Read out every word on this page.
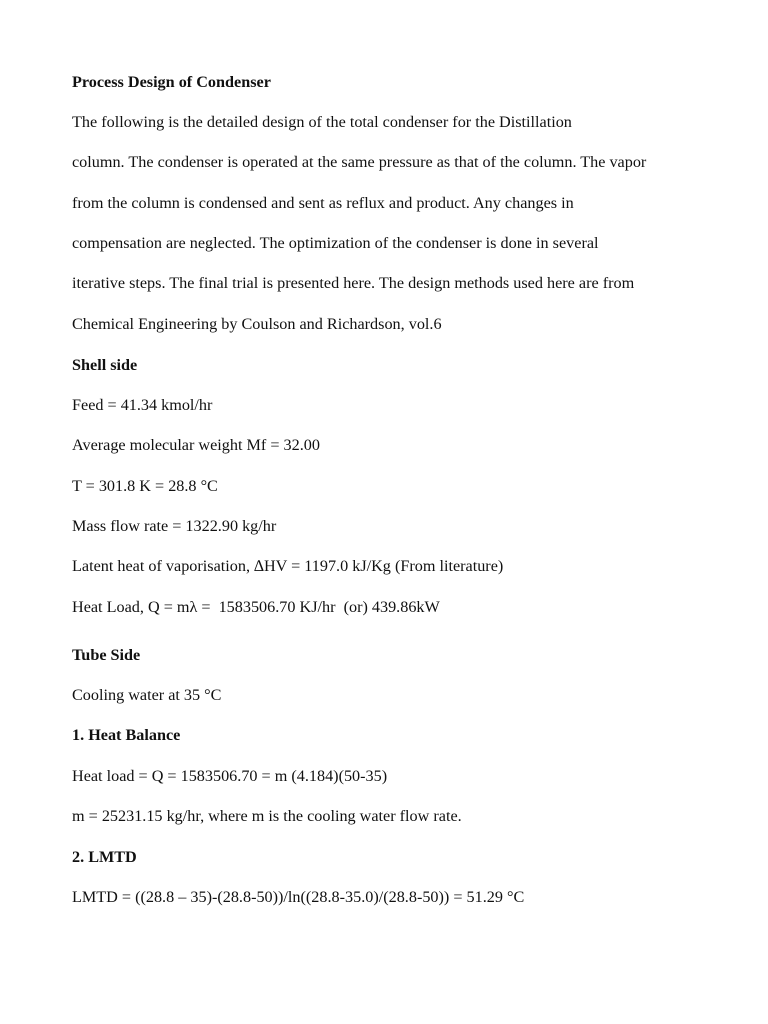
Process Design of Condenser
The following is the detailed design of the total condenser for the Distillation
column. The condenser is operated at the same pressure as that of the column. The vapor
from the column is condensed and sent as reflux and product. Any changes in
compensation are neglected. The optimization of the condenser is done in several
iterative steps. The final trial is presented here. The design methods used here are from
Chemical Engineering by Coulson and Richardson, vol.6
Shell side
Feed = 41.34 kmol/hr
Average molecular weight Mf = 32.00
T = 301.8 K = 28.8 °C
Mass flow rate = 1322.90 kg/hr
Latent heat of vaporisation, ∆HV = 1197.0 kJ/Kg (From literature)
Heat Load, Q = mλ =  1583506.70 KJ/hr  (or) 439.86kW
Tube Side
Cooling water at 35 °C
1. Heat Balance
Heat load = Q = 1583506.70 = m (4.184)(50-35)
m = 25231.15 kg/hr, where m is the cooling water flow rate.
2. LMTD
LMTD = ((28.8 – 35)-(28.8-50))/ln((28.8-35.0)/(28.8-50)) = 51.29 °C
